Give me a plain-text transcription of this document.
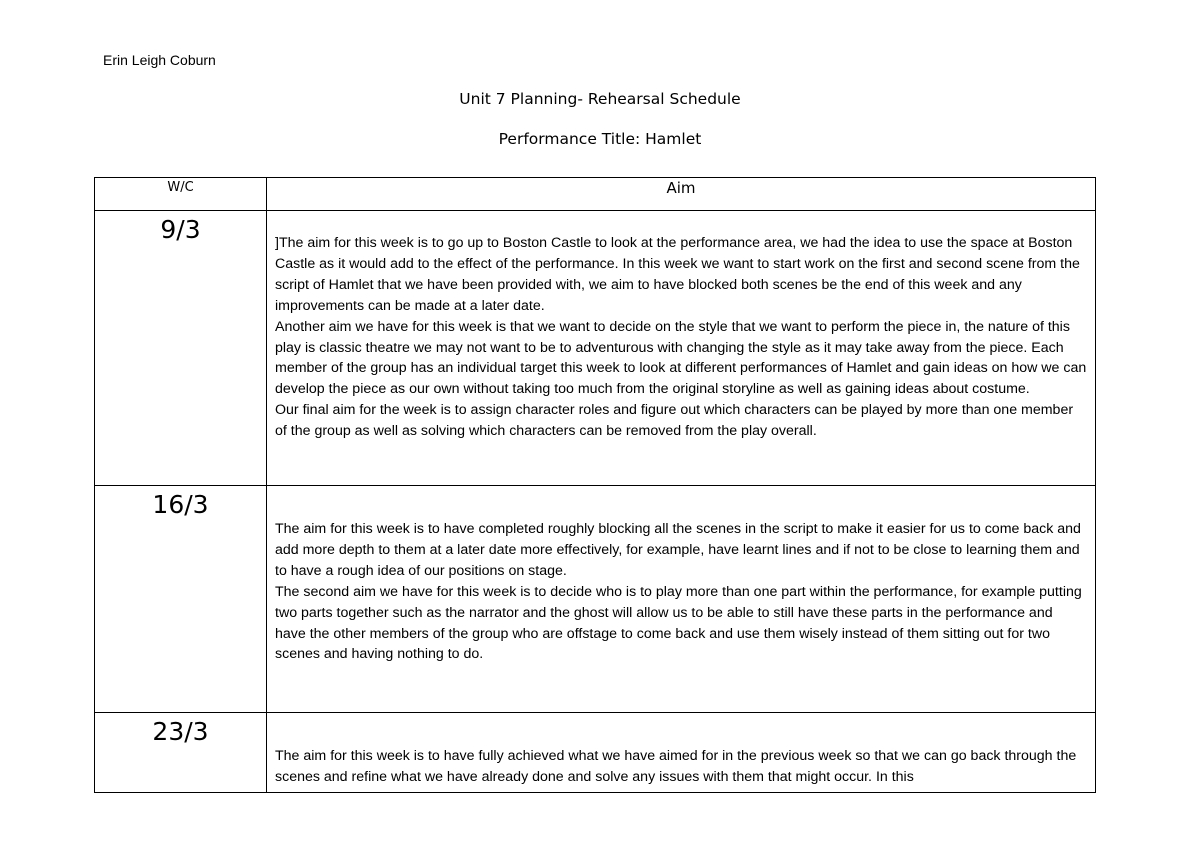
Erin Leigh Coburn
Unit 7 Planning- Rehearsal Schedule
Performance Title: Hamlet
W/C	Aim
9/3	]The aim for this week is to go up to Boston Castle to look at the performance area, we had the idea to use the space at Boston Castle as it would add to the effect of the performance. In this week we want to start work on the first and second scene from the script of Hamlet that we have been provided with, we aim to have blocked both scenes be the end of this week and any improvements can be made at a later date.

Another aim we have for this week is that we want to decide on the style that we want to perform the piece in, the nature of this play is classic theatre we may not want to be to adventurous with changing the style as it may take away from the piece. Each member of the group has an individual target this week to look at different performances of Hamlet and gain ideas on how we can develop the piece as our own without taking too much from the original storyline as well as gaining ideas about costume.

Our final aim for the week is to assign character roles and figure out which characters can be played by more than one member of the group as well as solving which characters can be removed from the play overall.

16/3	The aim for this week is to have completed roughly blocking all the scenes in the script to make it easier for us to come back and add more depth to them at a later date more effectively, for example, have learnt lines and if not to be close to learning them and to have a rough idea of our positions on stage.

The second aim we have for this week is to decide who is to play more than one part within the performance, for example putting two parts together such as the narrator and the ghost will allow us to be able to still have these parts in the performance and have the other members of the group who are offstage to come back and use them wisely instead of them sitting out for two scenes and having nothing to do.

23/3	The aim for this week is to have fully achieved what we have aimed for in the previous week so that we can go back through the scenes and refine what we have already done and solve any issues with them that might occur. In this
